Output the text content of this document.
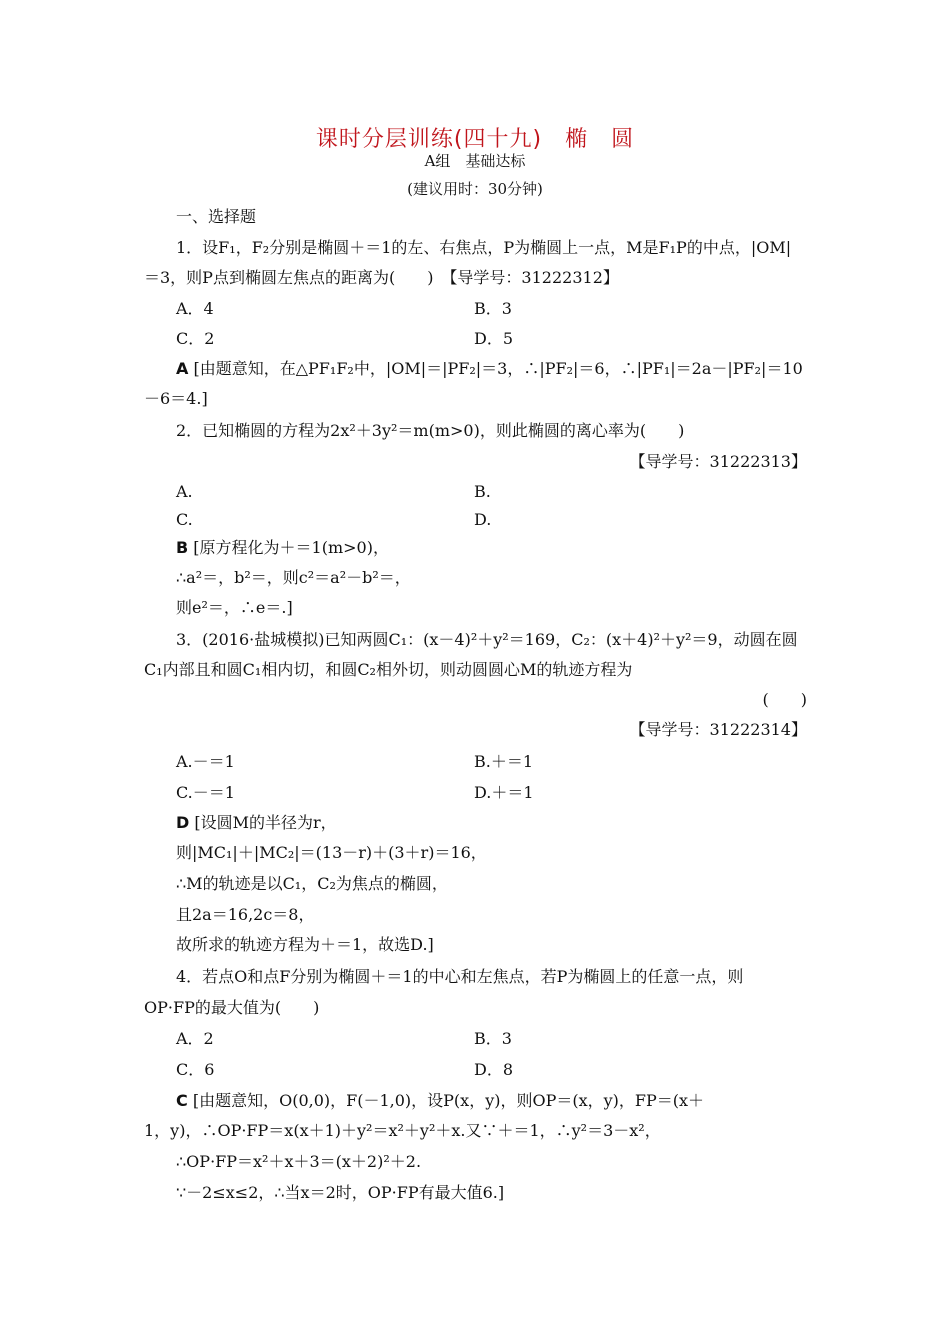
课时分层训练(四十九)　椭　圆
A组　基础达标
(建议用时：30分钟)
一、选择题
1．设F₁，F₂分别是椭圆＋＝1的左、右焦点，P为椭圆上一点，M是F₁P的中点，|OM|
＝3，则P点到椭圆左焦点的距离为(　　)　【导学号：31222312】
A．4	B．3
C．2	D．5
A [由题意知，在△PF₁F₂中，|OM|＝|PF₂|＝3，∴|PF₂|＝6，∴|PF₁|＝2a－|PF₂|＝10
－6＝4.]
2．已知椭圆的方程为2x²＋3y²＝m(m>0)，则此椭圆的离心率为(　　)
【导学号：31222313】
A.	B.
C.	D.
B [原方程化为＋＝1(m>0)，
∴a²＝，b²＝，则c²＝a²－b²＝，
则e²＝，∴e＝.]
3．(2016·盐城模拟)已知两圆C₁：(x－4)²＋y²＝169，C₂：(x＋4)²＋y²＝9，动圆在圆
C₁内部且和圆C₁相内切，和圆C₂相外切，则动圆圆心M的轨迹方程为
(　　)
【导学号：31222314】
A.－＝1	B.＋＝1
C.－＝1	D.＋＝1
D [设圆M的半径为r，
则|MC₁|＋|MC₂|＝(13－r)＋(3＋r)＝16，
∴M的轨迹是以C₁，C₂为焦点的椭圆，
且2a＝16,2c＝8，
故所求的轨迹方程为＋＝1，故选D.]
4．若点O和点F分别为椭圆＋＝1的中心和左焦点，若P为椭圆上的任意一点，则
OP·FP的最大值为(　　)
A．2	B．3
C．6	D．8
C [由题意知，O(0,0)，F(－1,0)，设P(x，y)，则OP＝(x，y)，FP＝(x＋
1，y)，∴OP·FP＝x(x＋1)＋y²＝x²＋y²＋x.又∵＋＝1，∴y²＝3－x²，
∴OP·FP＝x²＋x＋3＝(x＋2)²＋2.
∵－2≤x≤2，∴当x＝2时，OP·FP有最大值6.]
